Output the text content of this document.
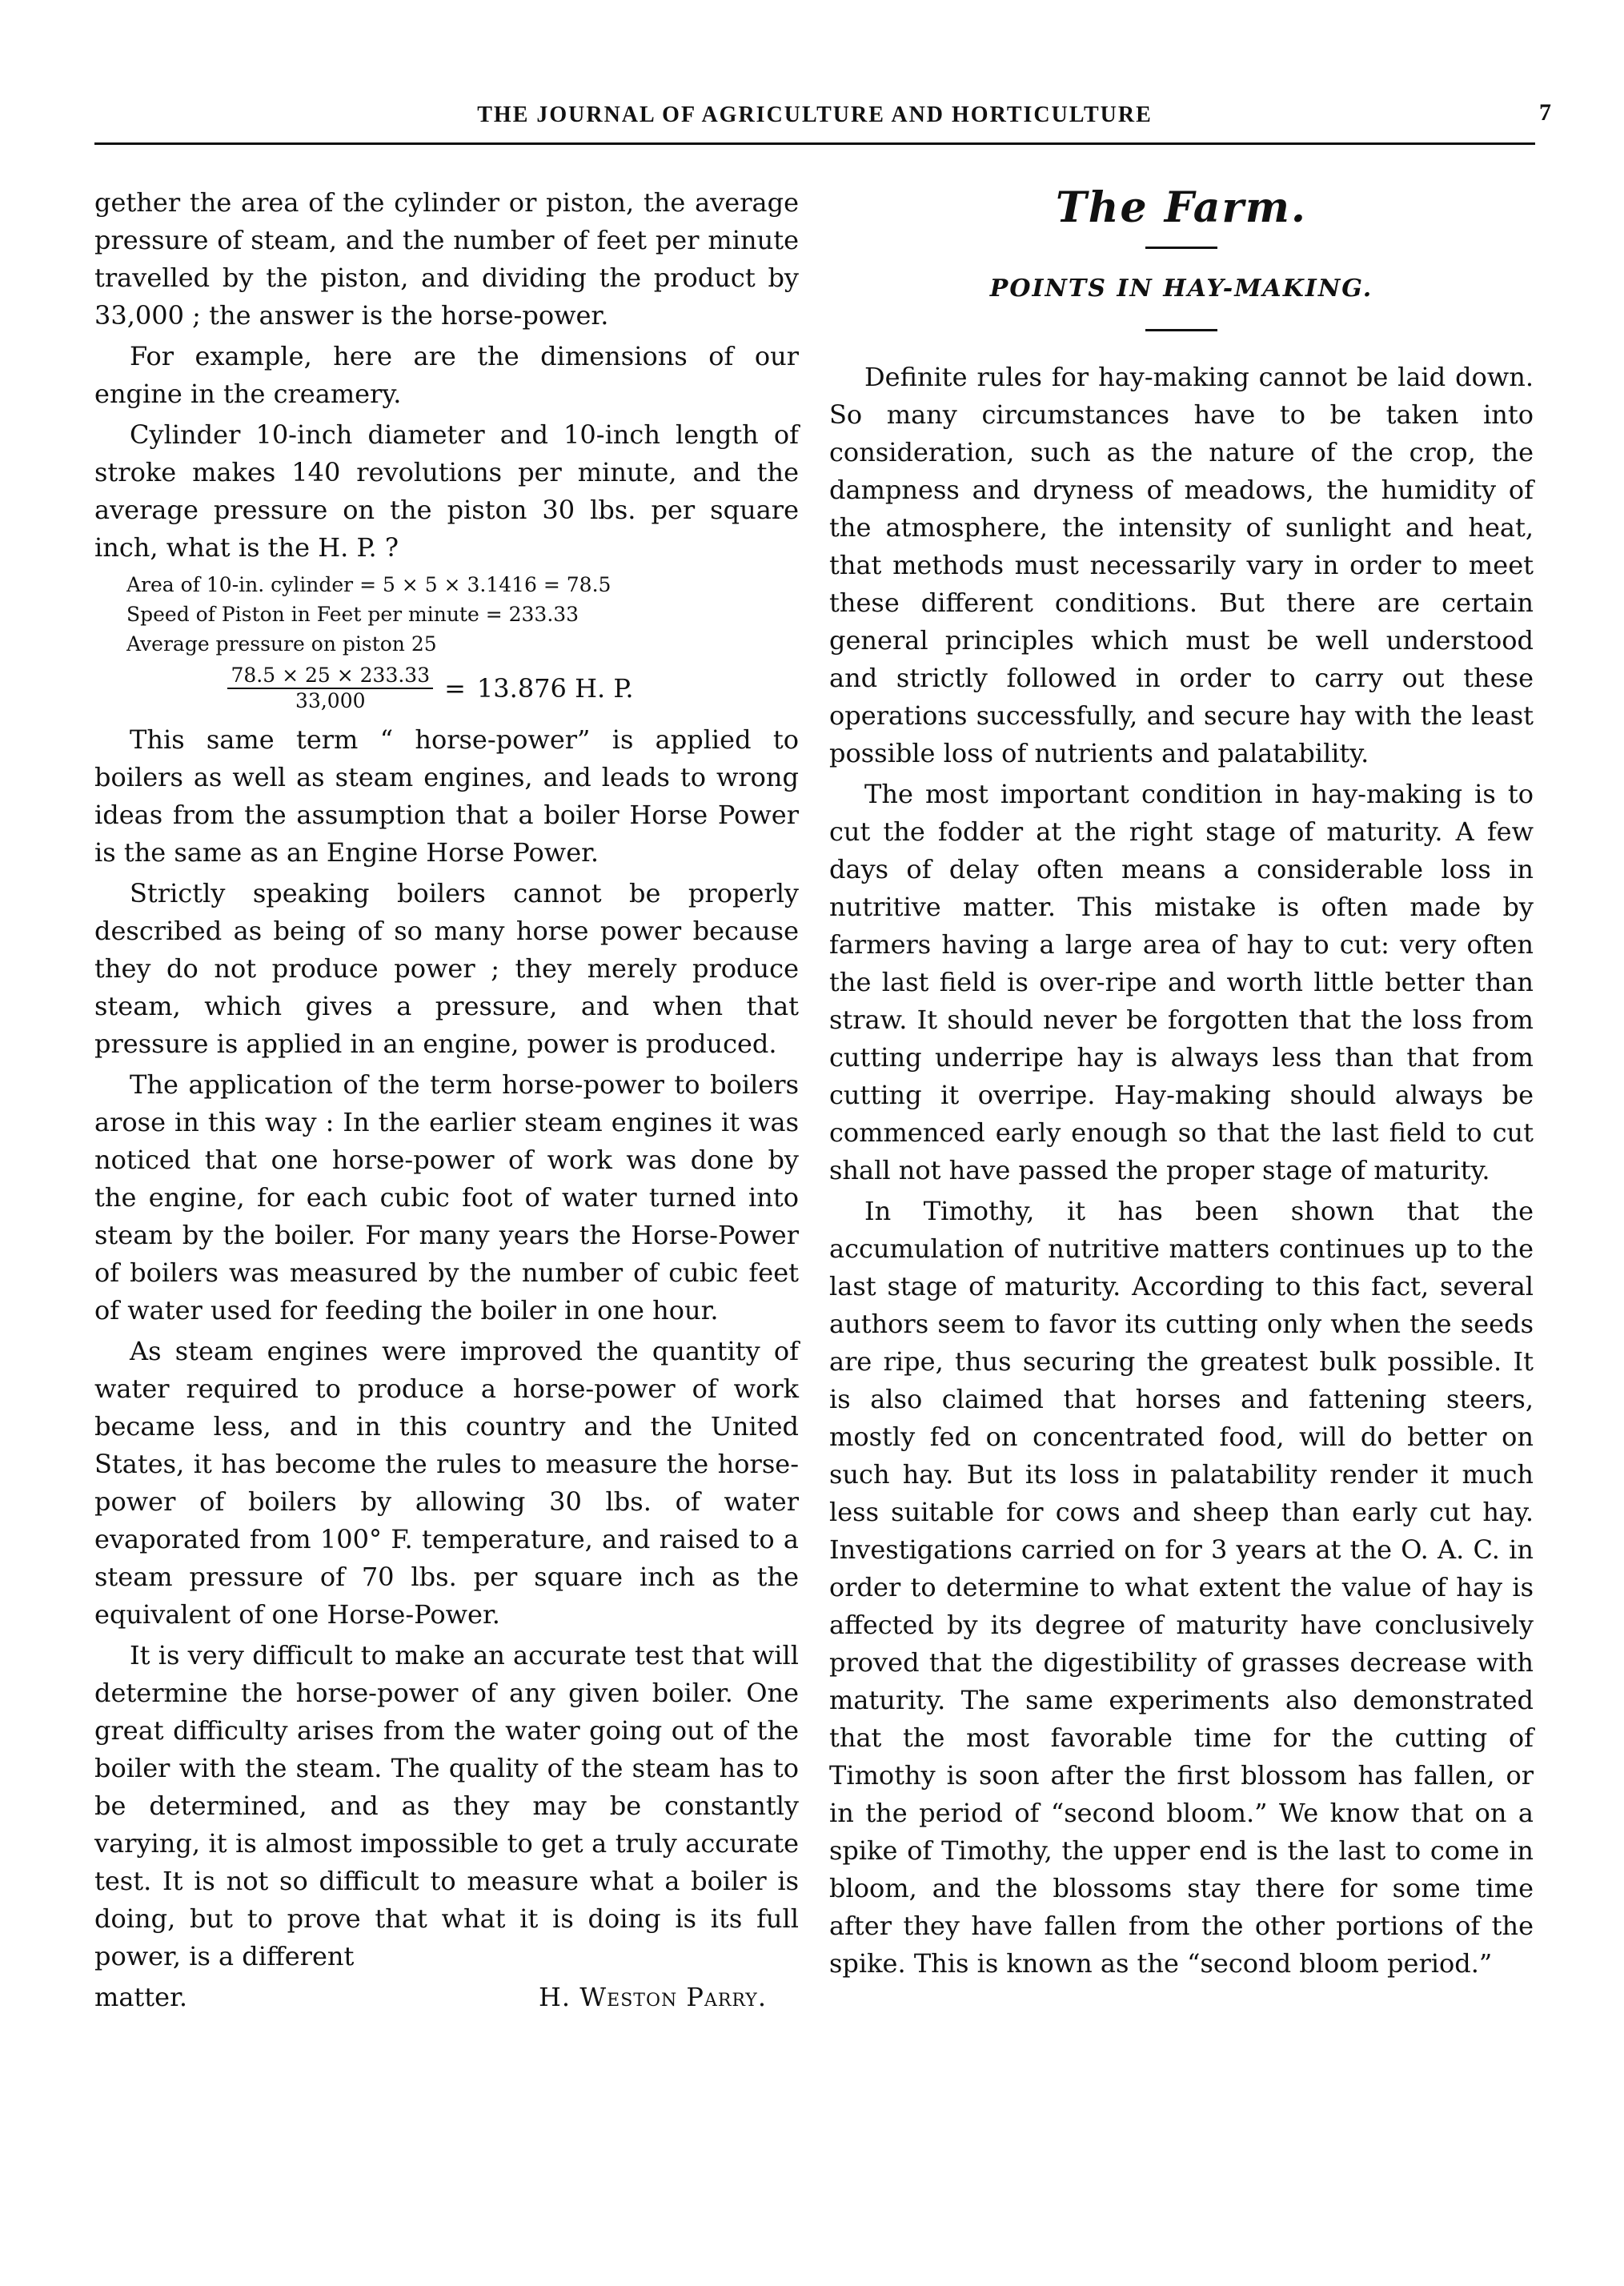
THE JOURNAL OF AGRICULTURE AND HORTICULTURE	7

gether the area of the cylinder or piston, the average pressure of steam, and the number of feet per minute travelled by the piston, and dividing the product by 33,000 ; the answer is the horse-power.

For example, here are the dimensions of our engine in the creamery.

Cylinder 10-inch diameter and 10-inch length of stroke makes 140 revolutions per minute, and the average pressure on the piston 30 lbs. per square inch, what is the H. P. ?

Area of 10-in. cylinder = 5 × 5 × 3.1416 = 78.5
Speed of Piston in Feet per minute = 233.33
Average pressure on piston 25
$\frac{78.5 \times 25 \times 233.33}{33,000} = 13.876$ H. P.

This same term “ horse-power” is applied to boilers as well as steam engines, and leads to wrong ideas from the assumption that a boiler Horse Power is the same as an Engine Horse Power.

Strictly speaking boilers cannot be properly described as being of so many horse power because they do not produce power ; they merely produce steam, which gives a pressure, and when that pressure is applied in an engine, power is produced.

The application of the term horse-power to boilers arose in this way : In the earlier steam engines it was noticed that one horse-power of work was done by the engine, for each cubic foot of water turned into steam by the boiler. For many years the Horse-Power of boilers was measured by the number of cubic feet of water used for feeding the boiler in one hour.

As steam engines were improved the quantity of water required to produce a horse-power of work became less, and in this country and the United States, it has become the rules to measure the horse-power of boilers by allowing 30 lbs. of water evaporated from 100° F. temperature, and raised to a steam pressure of 70 lbs. per square inch as the equivalent of one Horse-Power.

It is very difficult to make an accurate test that will determine the horse-power of any given boiler. One great difficulty arises from the water going out of the boiler with the steam. The quality of the steam has to be determined, and as they may be constantly varying, it is almost impossible to get a truly accurate test. It is not so difficult to measure what a boiler is doing, but to prove that what it is doing is its full power, is a different

matter.	H. Weston Parry.

The Farm.
POINTS IN HAY-MAKING.

Definite rules for hay-making cannot be laid down. So many circumstances have to be taken into consideration, such as the nature of the crop, the dampness and dryness of meadows, the humidity of the atmosphere, the intensity of sunlight and heat, that methods must necessarily vary in order to meet these different conditions. But there are certain general principles which must be well understood and strictly followed in order to carry out these operations successfully, and secure hay with the least possible loss of nutrients and palatability.

The most important condition in hay-making is to cut the fodder at the right stage of maturity. A few days of delay often means a considerable loss in nutritive matter. This mistake is often made by farmers having a large area of hay to cut: very often the last field is over-ripe and worth little better than straw. It should never be forgotten that the loss from cutting underripe hay is always less than that from cutting it overripe. Hay-making should always be commenced early enough so that the last field to cut shall not have passed the proper stage of maturity.

In Timothy, it has been shown that the accumulation of nutritive matters continues up to the last stage of maturity. According to this fact, several authors seem to favor its cutting only when the seeds are ripe, thus securing the greatest bulk possible. It is also claimed that horses and fattening steers, mostly fed on concentrated food, will do better on such hay. But its loss in palatability render it much less suitable for cows and sheep than early cut hay. Investigations carried on for 3 years at the O. A. C. in order to determine to what extent the value of hay is affected by its degree of maturity have conclusively proved that the digestibility of grasses decrease with maturity. The same experiments also demonstrated that the most favorable time for the cutting of Timothy is soon after the first blossom has fallen, or in the period of “second bloom.” We know that on a spike of Timothy, the upper end is the last to come in bloom, and the blossoms stay there for some time after they have fallen from the other portions of the spike. This is known as the “second bloom period.”
